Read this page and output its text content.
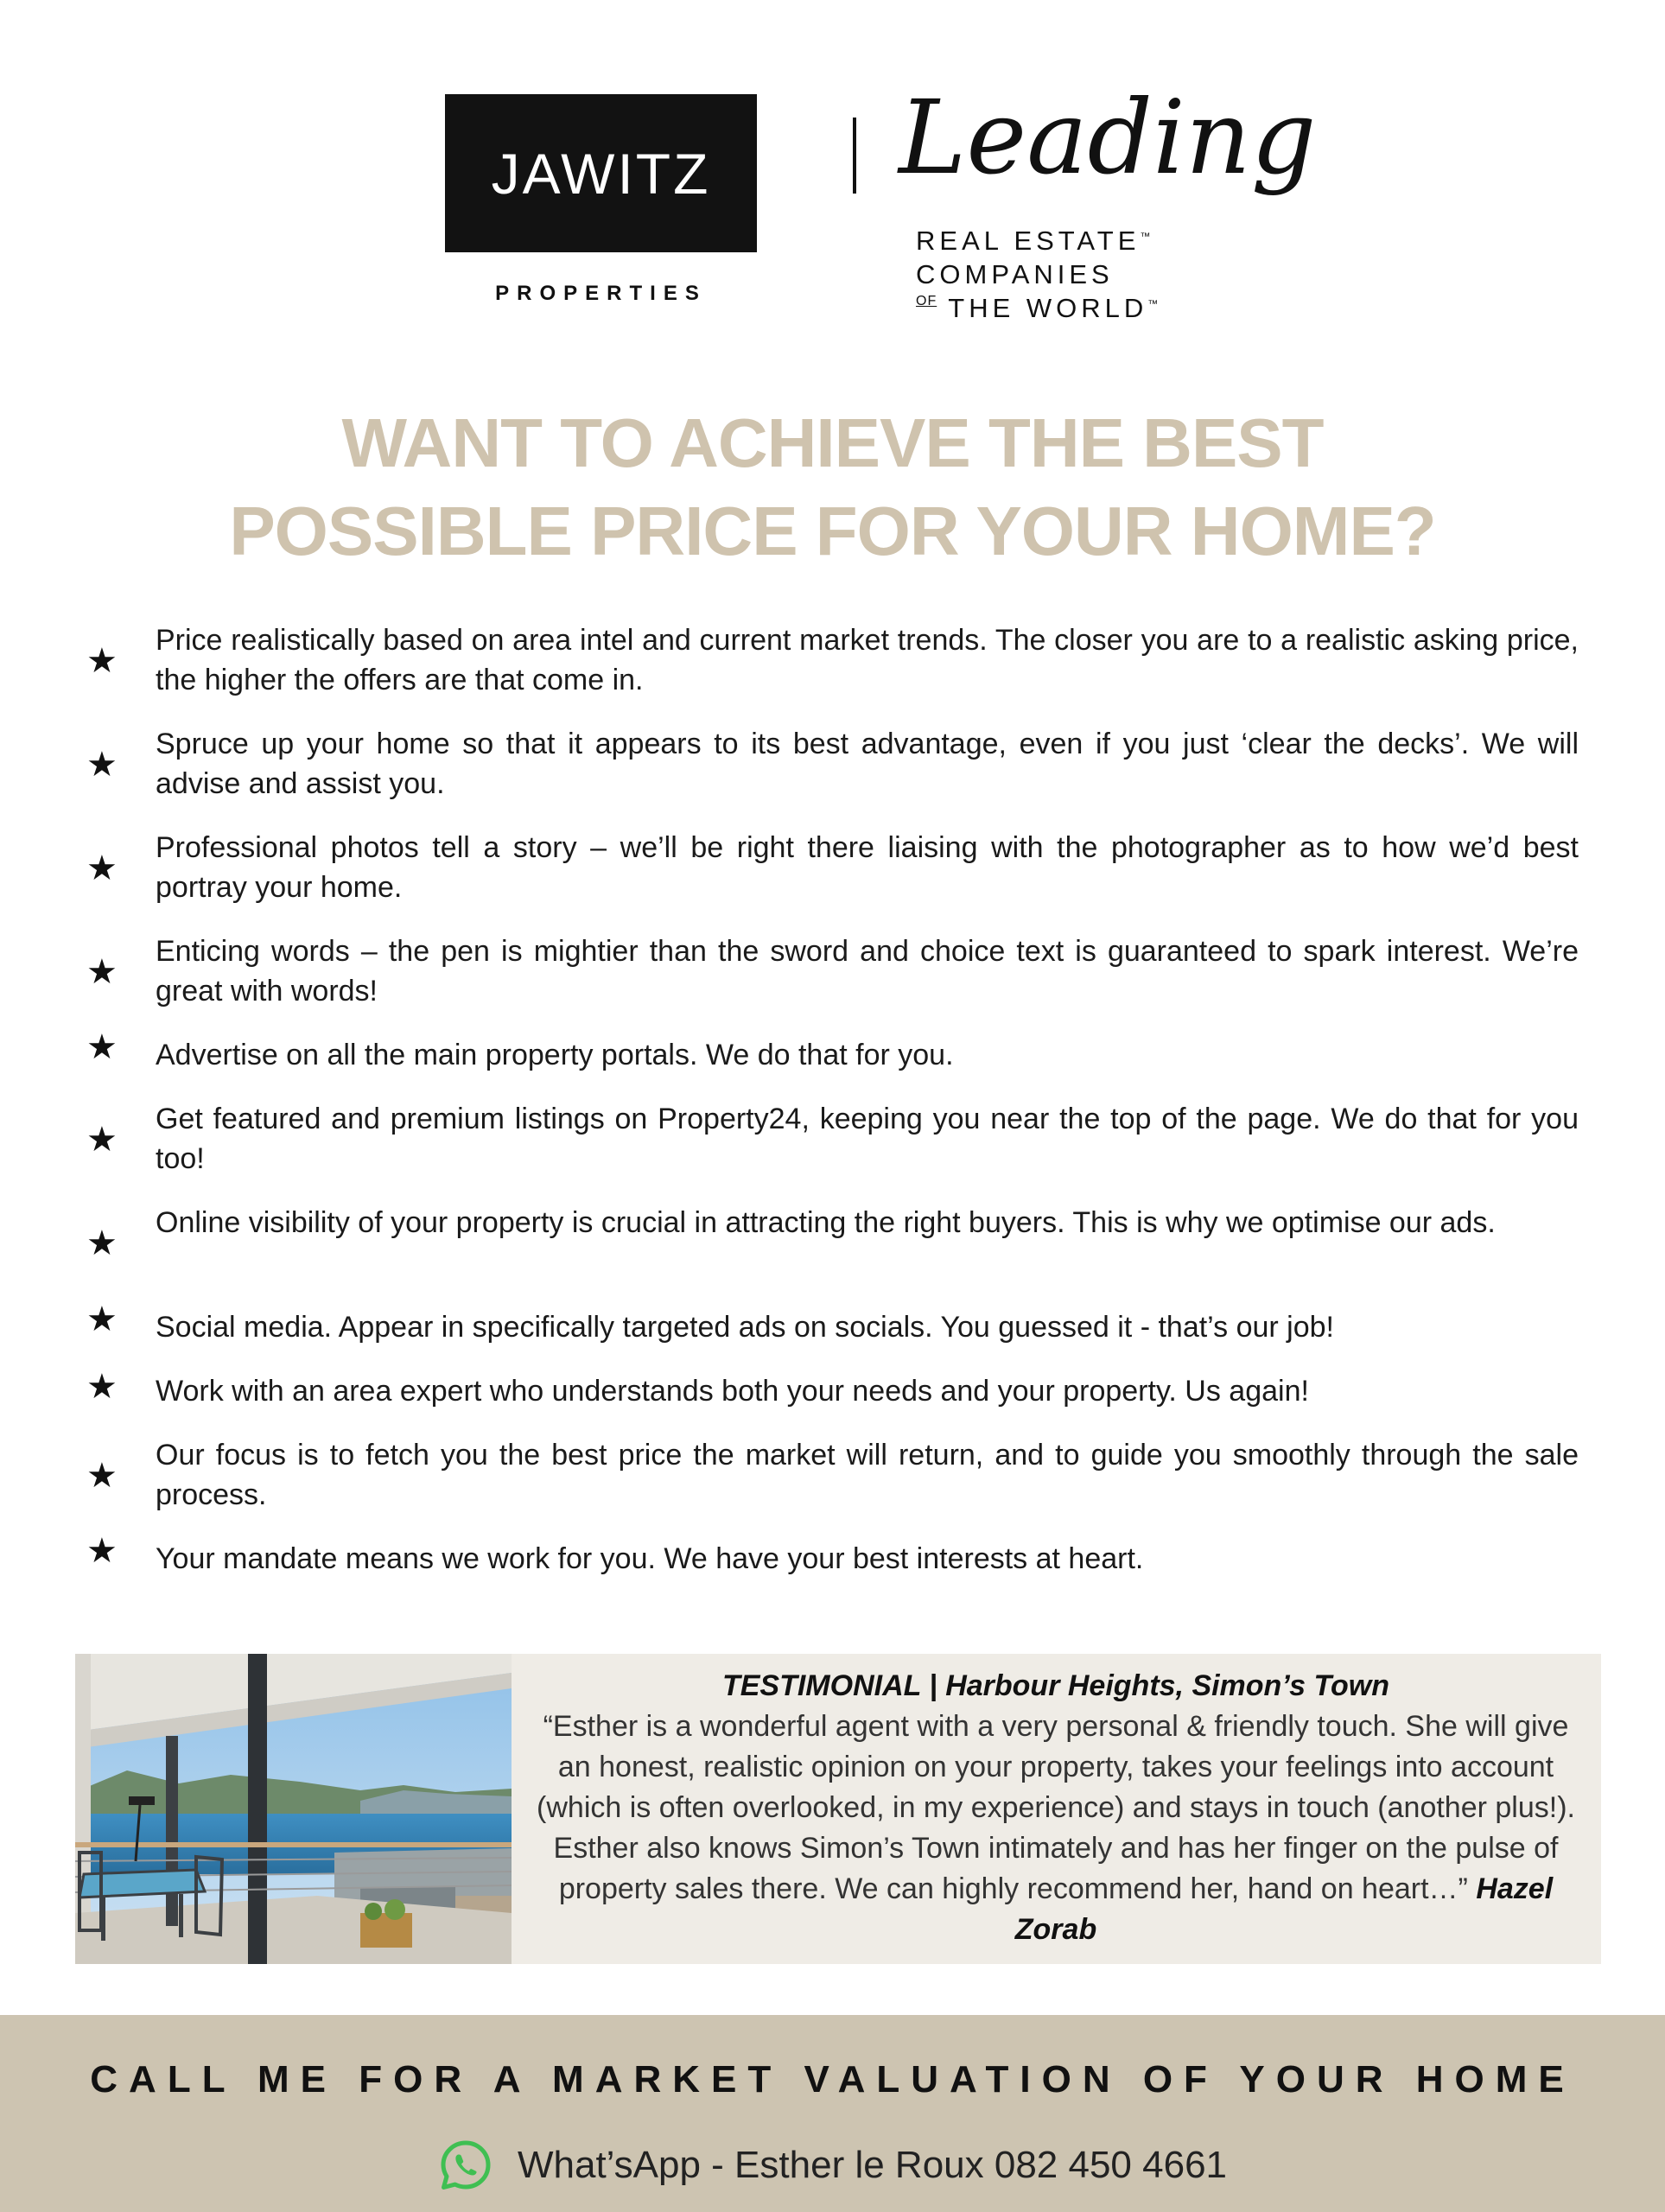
JAWITZ
PROPERTIES
Leading
REAL ESTATE™
COMPANIES
$^{OF}$ THE WORLD™
WANT TO ACHIEVE THE BEST
POSSIBLE PRICE FOR YOUR HOME?
★
Price realistically based on area intel and current market trends. The closer you are to a realistic asking price, the higher the offers are that come in.
★
Spruce up your home so that it appears to its best advantage, even if you just ‘clear the decks’. We will advise and assist you.
★
Professional photos tell a story – we’ll be right there liaising with the photographer as to how we’d best portray your home.
★
Enticing words – the pen is mightier than the sword and choice text is guaranteed to spark interest. We’re great with words!
★ Advertise on all the main property portals. We do that for you.
★
Get featured and premium listings on Property24, keeping you near the top of the page. We do that for you too!
★
Online visibility of your property is crucial in attracting the right buyers. This is why we optimise our ads.
★ Social media. Appear in specifically targeted ads on socials. You guessed it - that’s our job!
★ Work with an area expert who understands both your needs and your property. Us again!
★
Our focus is to fetch you the best price the market will return, and to guide you smoothly through the sale process.
★ Your mandate means we work for you. We have your best interests at heart.
TESTIMONIAL | Harbour Heights, Simon’s Town
“Esther is a wonderful agent with a very personal & friendly touch. She will give an honest, realistic opinion on your property, takes your feelings into account (which is often overlooked, in my experience) and stays in touch (another plus!). Esther also knows Simon’s Town intimately and has her finger on the pulse of property sales there. We can highly recommend her, hand on heart…” Hazel Zorab
CALL ME FOR A MARKET VALUATION OF YOUR HOME
What’sApp - Esther le Roux 082 450 4661
